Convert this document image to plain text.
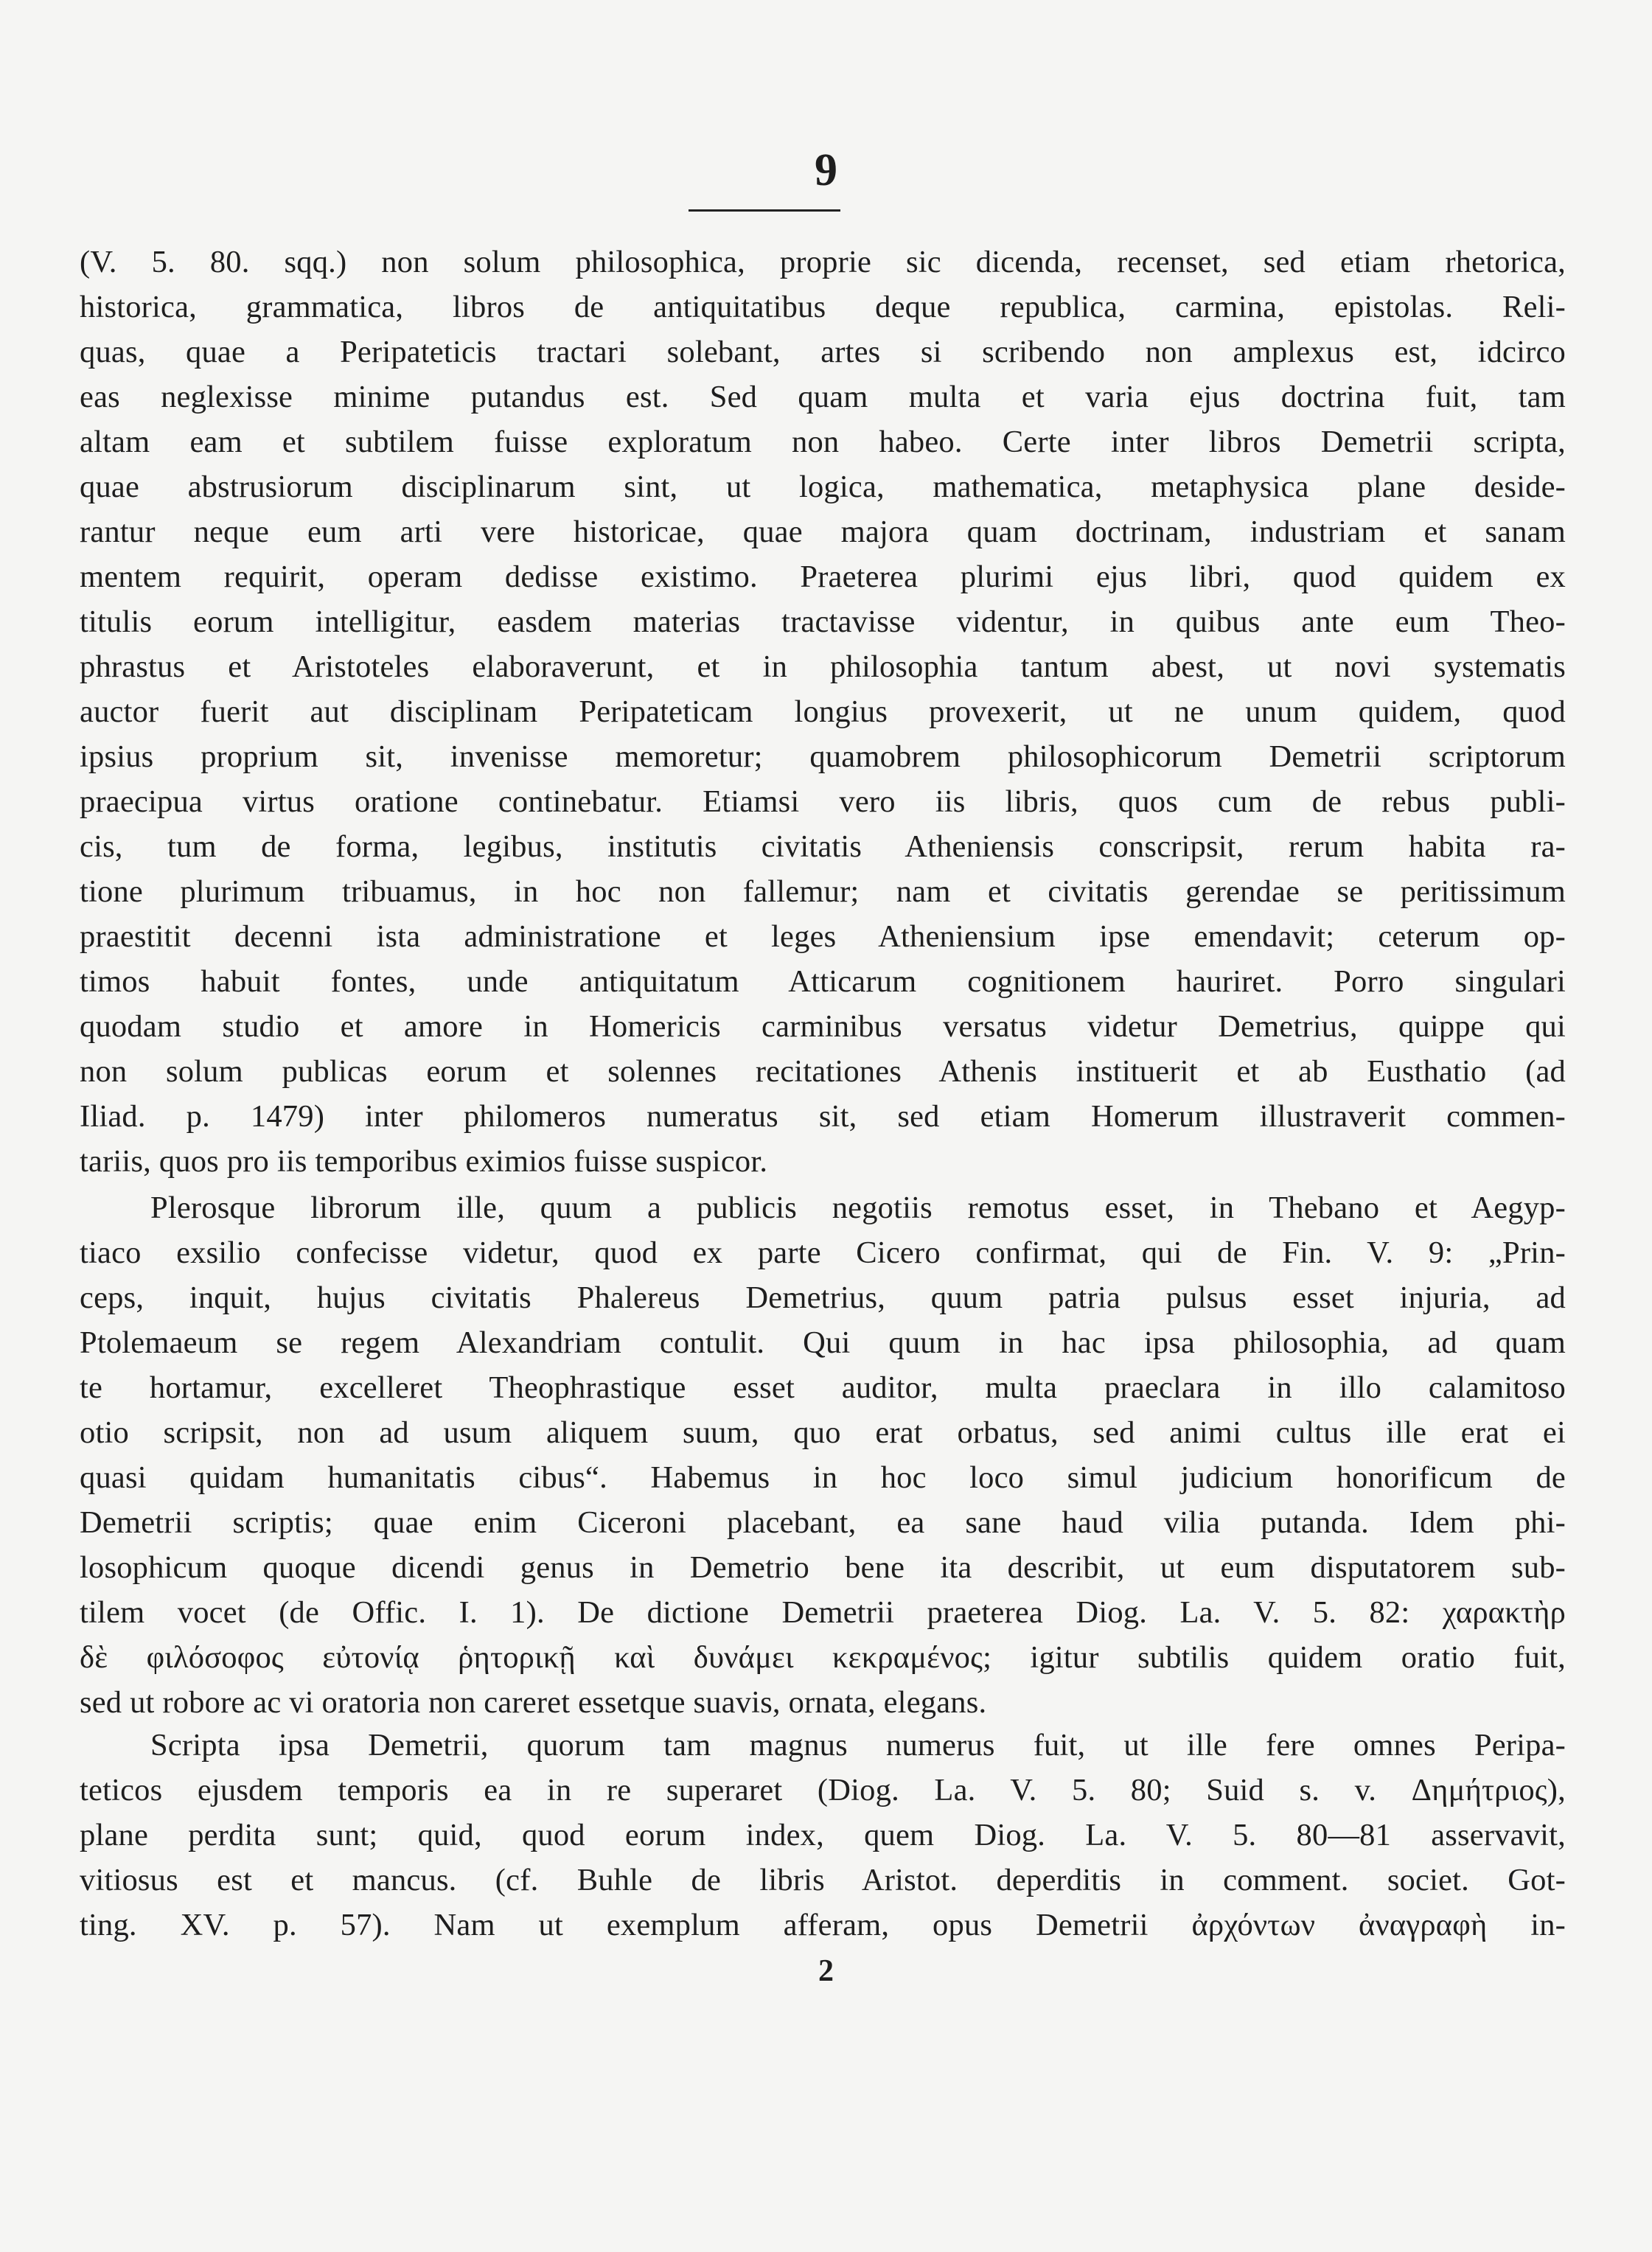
9
(V. 5. 80. sqq.) non solum philosophica, proprie sic dicenda, recenset, sed etiam rhetorica,
historica, grammatica, libros de antiquitatibus deque republica, carmina, epistolas. Reli-
quas, quae a Peripateticis tractari solebant, artes si scribendo non amplexus est, idcirco
eas neglexisse minime putandus est. Sed quam multa et varia ejus doctrina fuit, tam
altam eam et subtilem fuisse exploratum non habeo. Certe inter libros Demetrii scripta,
quae abstrusiorum disciplinarum sint, ut logica, mathematica, metaphysica plane deside-
rantur neque eum arti vere historicae, quae majora quam doctrinam, industriam et sanam
mentem requirit, operam dedisse existimo. Praeterea plurimi ejus libri, quod quidem ex
titulis eorum intelligitur, easdem materias tractavisse videntur, in quibus ante eum Theo-
phrastus et Aristoteles elaboraverunt, et in philosophia tantum abest, ut novi systematis
auctor fuerit aut disciplinam Peripateticam longius provexerit, ut ne unum quidem, quod
ipsius proprium sit, invenisse memoretur; quamobrem philosophicorum Demetrii scriptorum
praecipua virtus oratione continebatur. Etiamsi vero iis libris, quos cum de rebus publi-
cis, tum de forma, legibus, institutis civitatis Atheniensis conscripsit, rerum habita ra-
tione plurimum tribuamus, in hoc non fallemur; nam et civitatis gerendae se peritissimum
praestitit decenni ista administratione et leges Atheniensium ipse emendavit; ceterum op-
timos habuit fontes, unde antiquitatum Atticarum cognitionem hauriret. Porro singulari
quodam studio et amore in Homericis carminibus versatus videtur Demetrius, quippe qui
non solum publicas eorum et solennes recitationes Athenis instituerit et ab Eusthatio (ad
Iliad. p. 1479) inter philomeros numeratus sit, sed etiam Homerum illustraverit commen-
tariis, quos pro iis temporibus eximios fuisse suspicor.
Plerosque librorum ille, quum a publicis negotiis remotus esset, in Thebano et Aegyp-
tiaco exsilio confecisse videtur, quod ex parte Cicero confirmat, qui de Fin. V. 9: „Prin-
ceps, inquit, hujus civitatis Phalereus Demetrius, quum patria pulsus esset injuria, ad
Ptolemaeum se regem Alexandriam contulit. Qui quum in hac ipsa philosophia, ad quam
te hortamur, excelleret Theophrastique esset auditor, multa praeclara in illo calamitoso
otio scripsit, non ad usum aliquem suum, quo erat orbatus, sed animi cultus ille erat ei
quasi quidam humanitatis cibus“. Habemus in hoc loco simul judicium honorificum de
Demetrii scriptis; quae enim Ciceroni placebant, ea sane haud vilia putanda. Idem phi-
losophicum quoque dicendi genus in Demetrio bene ita describit, ut eum disputatorem sub-
tilem vocet (de Offic. I. 1). De dictione Demetrii praeterea Diog. La. V. 5. 82: χαρακτὴρ
δὲ φιλόσοφος εὐτονίᾳ ῥητορικῇ καὶ δυνάμει κεκραμένος; igitur subtilis quidem oratio fuit,
sed ut robore ac vi oratoria non careret essetque suavis, ornata, elegans.
Scripta ipsa Demetrii, quorum tam magnus numerus fuit, ut ille fere omnes Peripa-
teticos ejusdem temporis ea in re superaret (Diog. La. V. 5. 80; Suid s. v. Δημήτριος),
plane perdita sunt; quid, quod eorum index, quem Diog. La. V. 5. 80—81 asservavit,
vitiosus est et mancus. (cf. Buhle de libris Aristot. deperditis in comment. societ. Got-
ting. XV. p. 57). Nam ut exemplum afferam, opus Demetrii ἀρχόντων ἀναγραφὴ in-
2
